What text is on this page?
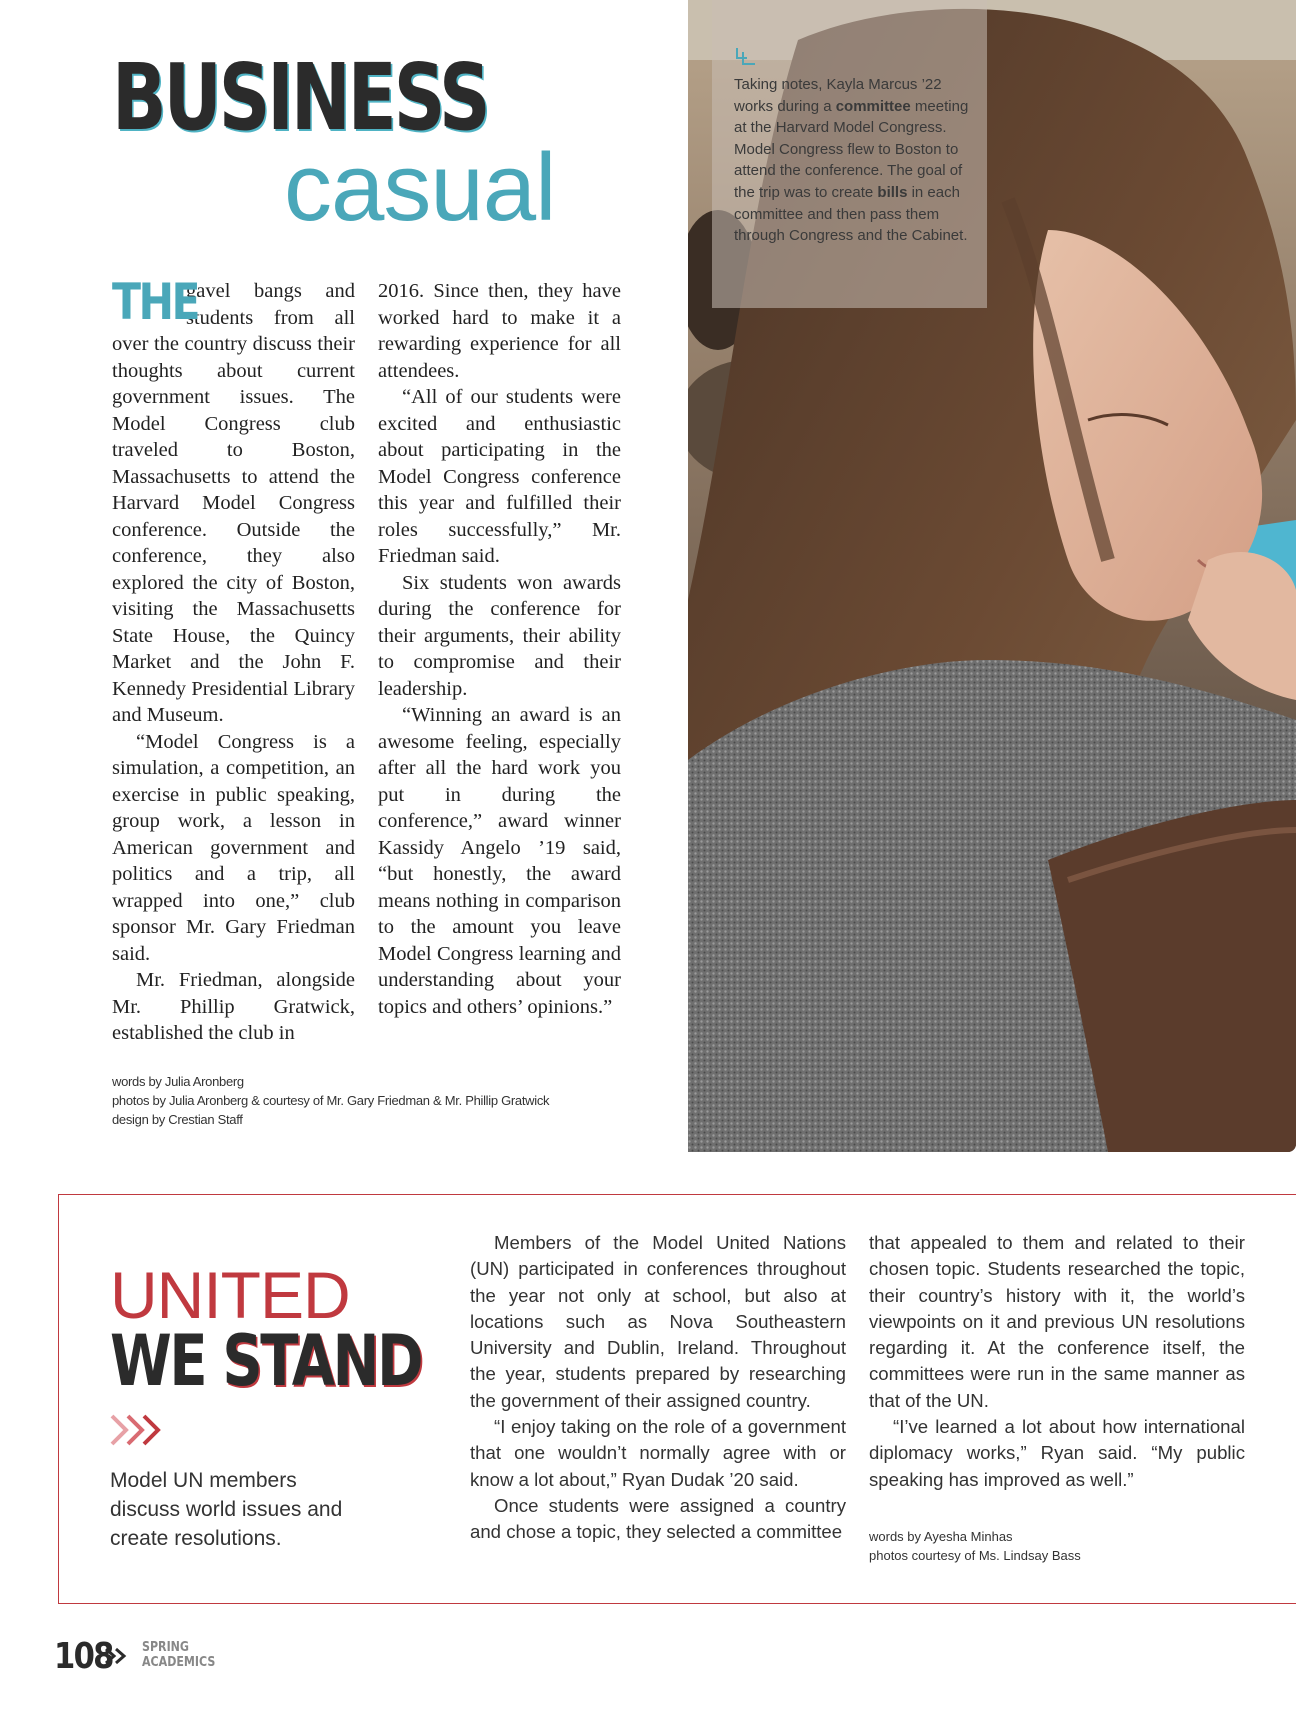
BUSINESS
casual

THE
gavel bangs and students from all over the country discuss their thoughts about current government issues. The Model Congress club traveled to Boston, Massachusetts to attend the Harvard Model Congress conference. Outside the conference, they also explored the city of Boston, visiting the Massachusetts State House, the Quincy Market and the John F. Kennedy Presidential Library and Museum.

“Model Congress is a simulation, a competition, an exercise in public speaking, group work, a lesson in American government and politics and a trip, all wrapped into one,” club sponsor Mr. Gary Friedman said.

Mr. Friedman, alongside Mr. Phillip Gratwick, established the club in

2016. Since then, they have worked hard to make it a rewarding experience for all attendees.

“All of our students were excited and enthusiastic about participating in the Model Congress conference this year and fulfilled their roles successfully,” Mr. Friedman said.

Six students won awards during the conference for their arguments, their ability to compromise and their leadership.

“Winning an award is an awesome feeling, especially after all the hard work you put in during the conference,” award winner Kassidy Angelo ’19 said, “but honestly, the award means nothing in comparison to the amount you leave Model Congress learning and understanding about your topics and others’ opinions.”

words by Julia Aronberg
photos by Julia Aronberg & courtesy of Mr. Gary Friedman & Mr. Phillip Gratwick
design by Crestian Staff
Taking notes, Kayla Marcus ’22 works during a committee meeting at the Harvard Model Congress. Model Congress flew to Boston to attend the conference. The goal of the trip was to create bills in each committee and then pass them through Congress and the Cabinet.
UNITED
WE STAND
Model UN members discuss world issues and create resolutions.

Members of the Model United Nations (UN) participated in conferences throughout the year not only at school, but also at locations such as Nova Southeastern University and Dublin, Ireland. Throughout the year, students prepared by researching the government of their assigned country.

“I enjoy taking on the role of a government that one wouldn’t normally agree with or know a lot about,” Ryan Dudak ’20 said.

Once students were assigned a country and chose a topic, they selected a committee

that appealed to them and related to their chosen topic. Students researched the topic, their country’s history with it, the world’s viewpoints on it and previous UN resolutions regarding it. At the conference itself, the committees were run in the same manner as that of the UN.

“I’ve learned a lot about how international diplomacy works,” Ryan said. “My public speaking has improved as well.”

words by Ayesha Minhas
photos courtesy of Ms. Lindsay Bass
108 SPRING
ACADEMICS
